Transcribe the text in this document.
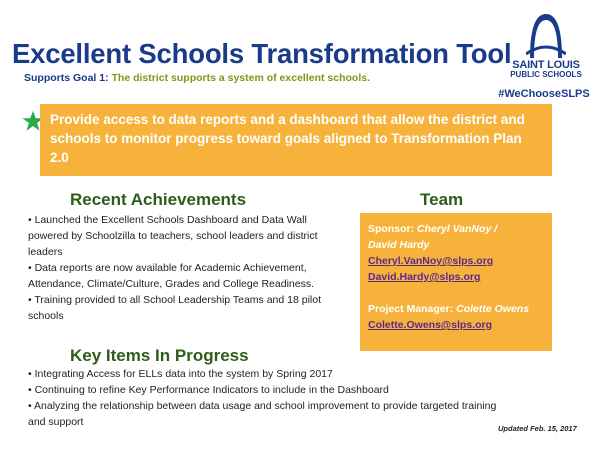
Excellent Schools Transformation Tool
Supports Goal 1: The district supports a system of excellent schools.
SAINT LOUIS
PUBLIC SCHOOLS
#WeChooseSLPS
Provide access to data reports and a dashboard that allow the district and schools to monitor progress toward goals aligned to Transformation Plan 2.0
Recent Achievements
• Launched the Excellent Schools Dashboard and Data Wall powered by Schoolzilla to teachers, school leaders and district leaders
• Data reports are now available for Academic Achievement, Attendance, Climate/Culture, Grades and College Readiness.
• Training provided to all School Leadership Teams and 18 pilot schools
Team
Sponsor: Cheryl VanNoy /
David Hardy
Cheryl.VanNoy@slps.org
David.Hardy@slps.org
Project Manager: Colette Owens
Colette.Owens@slps.org
Key Items In Progress
• Integrating Access for ELLs data into the system by Spring 2017
• Continuing to refine Key Performance Indicators to include in the Dashboard
• Analyzing the relationship between data usage and school improvement to provide targeted training and support
Updated Feb. 15, 2017
